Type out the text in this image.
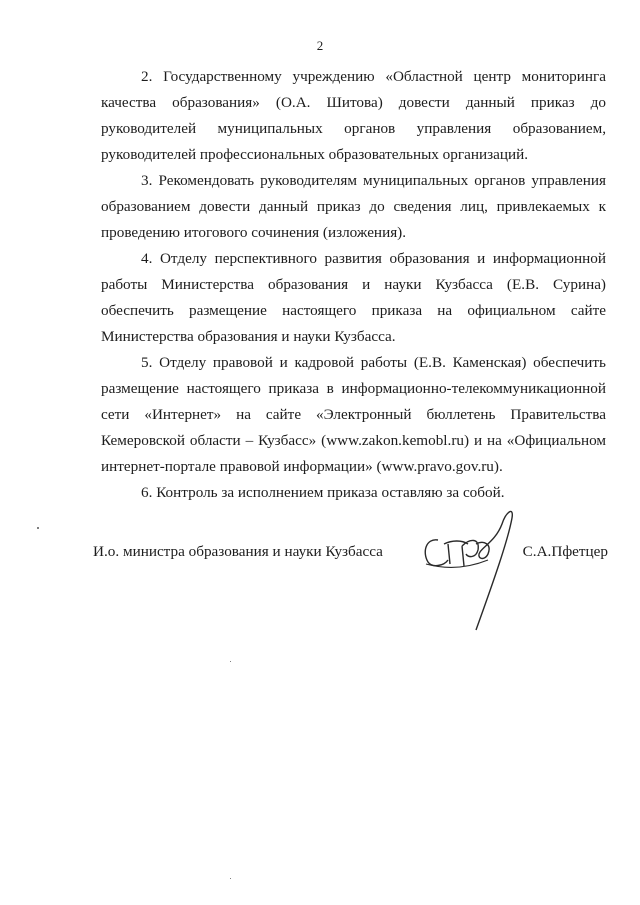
2

2. Государственному учреждению «Областной центр мониторинга качества образования» (О.А. Шитова) довести данный приказ до руководителей муниципальных органов управления образованием, руководителей профессиональных образовательных организаций.

3. Рекомендовать руководителям муниципальных органов управления образованием довести данный приказ до сведения лиц, привлекаемых к проведению итогового сочинения (изложения).

4. Отделу перспективного развития образования и информационной работы Министерства образования и науки Кузбасса (Е.В. Сурина) обеспечить размещение настоящего приказа на официальном сайте Министерства образования и науки Кузбасса.

5. Отделу правовой и кадровой работы (Е.В. Каменская) обеспечить размещение настоящего приказа в информационно-телекоммуникационной сети «Интернет» на сайте «Электронный бюллетень Правительства Кемеровской области – Кузбасс» (www.zakon.kemobl.ru) и на «Официальном интернет-портале правовой информации» (www.pravo.gov.ru).

6. Контроль за исполнением приказа оставляю за собой.

И.о. министра образования и науки Кузбасса	С.А.Пфетцер
